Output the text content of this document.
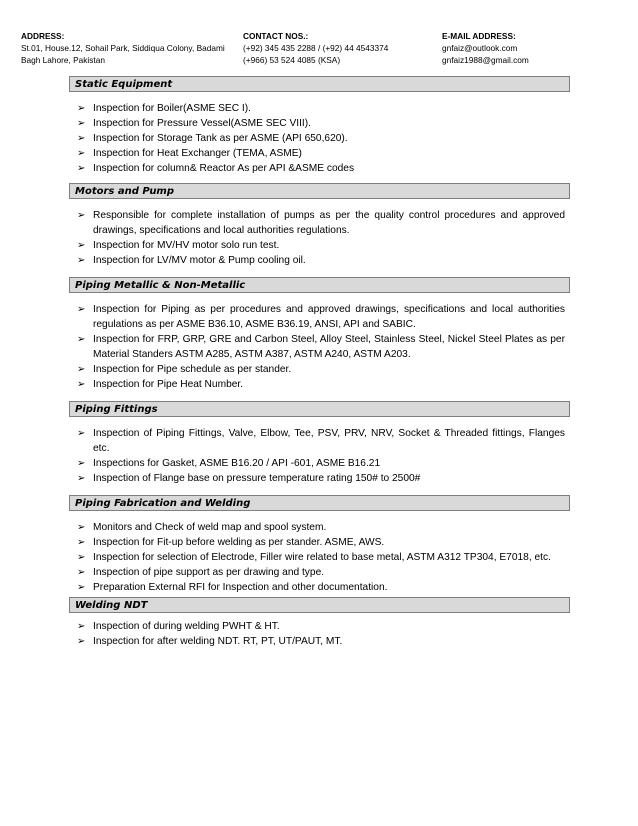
ADDRESS:
St.01, House.12, Sohail Park, Siddiqua Colony, Badami
Bagh Lahore, Pakistan
CONTACT NOS.:
(+92) 345 435 2288 / (+92) 44 4543374
(+966) 53 524 4085 (KSA)
E-MAIL ADDRESS:
gnfaiz@outlook.com
gnfaiz1988@gmail.com
Static Equipment
➢ Inspection for Boiler(ASME SEC I).
➢ Inspection for Pressure Vessel(ASME SEC VIII).
➢ Inspection for Storage Tank as per ASME (API 650,620).
➢ Inspection for Heat Exchanger (TEMA, ASME)
➢ Inspection for column& Reactor As per API &ASME codes
Motors and Pump
➢ Responsible for complete installation of pumps as per the quality control procedures and approved drawings, specifications and local authorities regulations.
➢ Inspection for MV/HV motor solo run test.
➢ Inspection for LV/MV motor & Pump cooling oil.
Piping Metallic & Non-Metallic
➢ Inspection for Piping as per procedures and approved drawings, specifications and local authorities regulations as per ASME B36.10, ASME B36.19, ANSI, API and SABIC.
➢ Inspection for FRP, GRP, GRE and Carbon Steel, Alloy Steel, Stainless Steel, Nickel Steel Plates as per Material Standers ASTM A285, ASTM A387, ASTM A240, ASTM A203.
➢ Inspection for Pipe schedule as per stander.
➢ Inspection for Pipe Heat Number.
Piping Fittings
➢ Inspection of Piping Fittings, Valve, Elbow, Tee, PSV, PRV, NRV, Socket & Threaded fittings, Flanges etc.
➢ Inspections for Gasket, ASME B16.20 / API -601, ASME B16.21
➢ Inspection of Flange base on pressure temperature rating 150# to 2500#
Piping Fabrication and Welding
➢ Monitors and Check of weld map and spool system.
➢ Inspection for Fit-up before welding as per stander. ASME, AWS.
➢ Inspection for selection of Electrode, Filler wire related to base metal, ASTM A312 TP304, E7018, etc.
➢ Inspection of pipe support as per drawing and type.
➢ Preparation External RFI for Inspection and other documentation.
Welding NDT
➢ Inspection of during welding PWHT & HT.
➢ Inspection for after welding NDT. RT, PT, UT/PAUT, MT.
